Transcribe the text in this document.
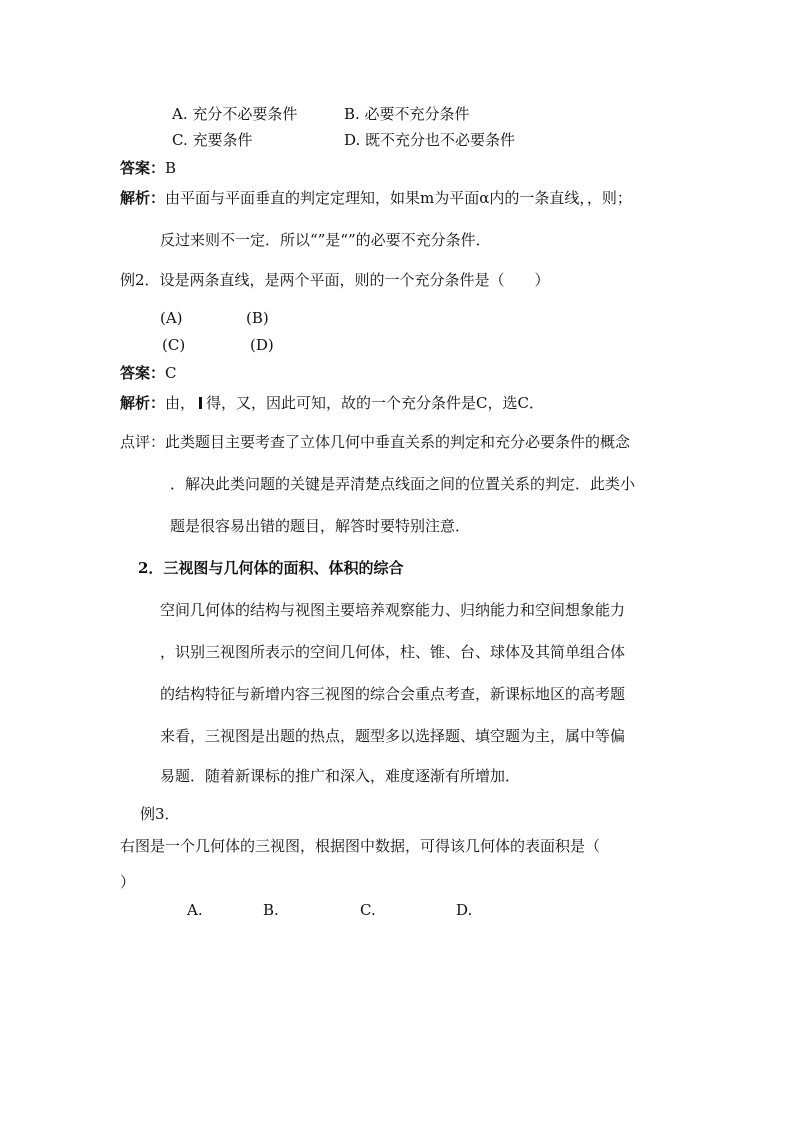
A. 充分不必要条件	B. 必要不充分条件
C. 充要条件	D. 既不充分也不必要条件
答案：B
解析：由平面与平面垂直的判定定理知，如果m为平面α内的一条直线，，则；
反过来则不一定．所以“”是“”的必要不充分条件．
例2．设是两条直线，是两个平面，则的一个充分条件是（　　）
(A)	(B)
(C)	(D)
答案：C
解析：由， 得，又，因此可知，故的一个充分条件是C，选C．
点评：此类题目主要考查了立体几何中垂直关系的判定和充分必要条件的概念
．解决此类问题的关键是弄清楚点线面之间的位置关系的判定．此类小
题是很容易出错的题目，解答时要特别注意．
2．三视图与几何体的面积、体积的综合
空间几何体的结构与视图主要培养观察能力、归纳能力和空间想象能力
，识别三视图所表示的空间几何体，柱、锥、台、球体及其简单组合体
的结构特征与新增内容三视图的综合会重点考查，新课标地区的高考题
来看，三视图是出题的热点，题型多以选择题、填空题为主，属中等偏
易题．随着新课标的推广和深入，难度逐渐有所增加．
例3．
右图是一个几何体的三视图，根据图中数据，可得该几何体的表面积是（
）
A.	B.	C.	D.
